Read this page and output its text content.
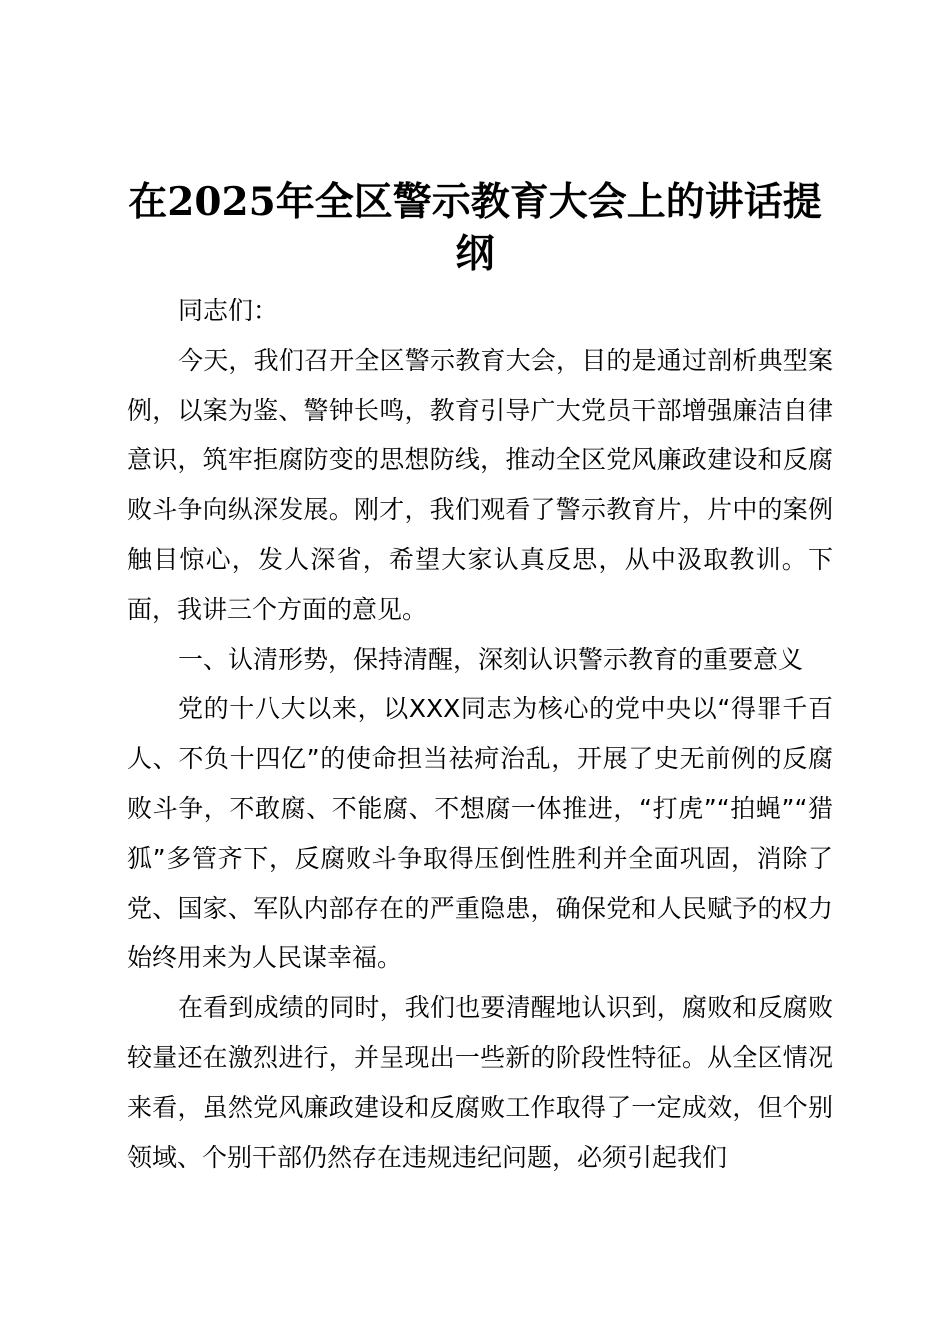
在2025年全区警示教育大会上的讲话提纲

同志们：

今天，我们召开全区警示教育大会，目的是通过剖析典型案例，以案为鉴、警钟长鸣，教育引导广大党员干部增强廉洁自律意识，筑牢拒腐防变的思想防线，推动全区党风廉政建设和反腐败斗争向纵深发展。刚才，我们观看了警示教育片，片中的案例触目惊心，发人深省，希望大家认真反思，从中汲取教训。下面，我讲三个方面的意见。

一、认清形势，保持清醒，深刻认识警示教育的重要意义

党的十八大以来，以XXX同志为核心的党中央以“得罪千百人、不负十四亿”的使命担当祛疴治乱，开展了史无前例的反腐败斗争，不敢腐、不能腐、不想腐一体推进，“打虎”“拍蝇”“猎狐”多管齐下，反腐败斗争取得压倒性胜利并全面巩固，消除了党、国家、军队内部存在的严重隐患，确保党和人民赋予的权力始终用来为人民谋幸福。

在看到成绩的同时，我们也要清醒地认识到，腐败和反腐败较量还在激烈进行，并呈现出一些新的阶段性特征。从全区情况来看，虽然党风廉政建设和反腐败工作取得了一定成效，但个别领域、个别干部仍然存在违规违纪问题，必须引起我们
